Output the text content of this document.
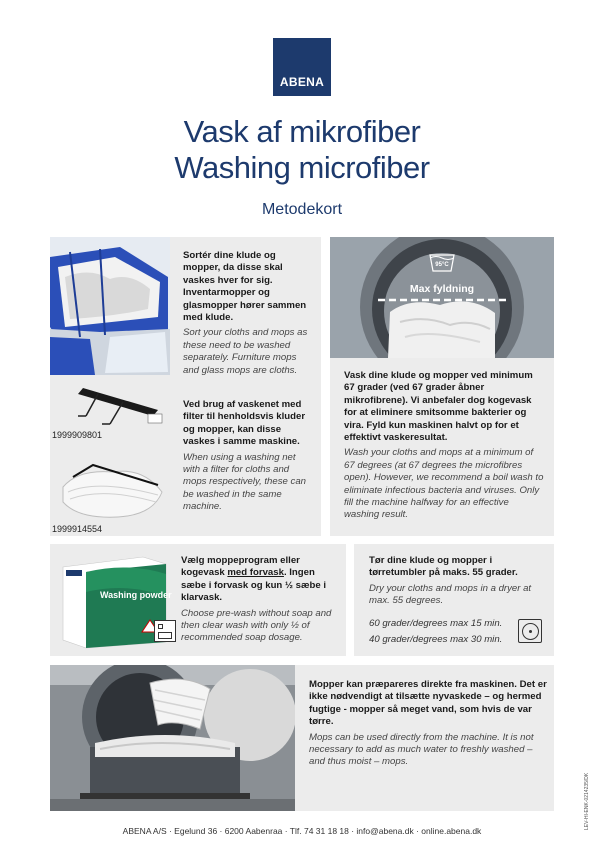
ABENA
Vask af mikrofiber
Washing microfiber
Metodekort
1999909801
1999914554
Sortér dine klude og mopper, da disse skal vaskes hver for sig. Inventarmopper og glasmopper hører sammen med klude.
Sort your cloths and mops as these need to be washed separately. Furniture mops and glass mops are cloths.
Ved brug af vaskenet med filter til henholdsvis kluder og mopper, kan disse vaskes i samme maskine.
When using a washing net with a filter for cloths and mops respectively, these can be washed in the same machine.
95°C
Max fyldning
Vask dine klude og mopper ved minimum 67 grader (ved 67 grader åbner mikrofibrene). Vi anbefaler dog kogevask for at eliminere smitsomme bakterier og vira. Fyld kun maskinen halvt op for et effektivt vaskeresultat.
Wash your cloths and mops at a minimum of 67 degrees (at 67 degrees the microfibres open). However, we recommend a boil wash to eliminate infectious bacteria and viruses. Only fill the machine halfway for an effective washing result.
Washing powder
Vælg moppeprogram eller kogevask med forvask. Ingen sæbe i forvask og kun ½ sæbe i klarvask.
Choose pre-wash without soap and then clear wash with only ½ of recommended soap dosage.
Tør dine klude og mopper i tørretumbler på maks. 55 grader.
Dry your cloths and mops in a dryer at max. 55 degrees.
60 grader/degrees max 15 min.
40 grader/degrees max 30 min.
Mopper kan præpareres direkte fra maskinen. Det er ikke nødvendigt at tilsætte nyvaskede – og hermed fugtige - mopper så meget vand, som hvis de var tørre.
Mops can be used directly from the machine. It is not necessary to add as much water to freshly washed – and thus moist – mops.
ABENA A/S · Egelund 36 · 6200 Aabenraa · Tlf. 74 31 18 18 · info@abena.dk · online.abena.dk
LEV-HI-ENK-0214235/DK
